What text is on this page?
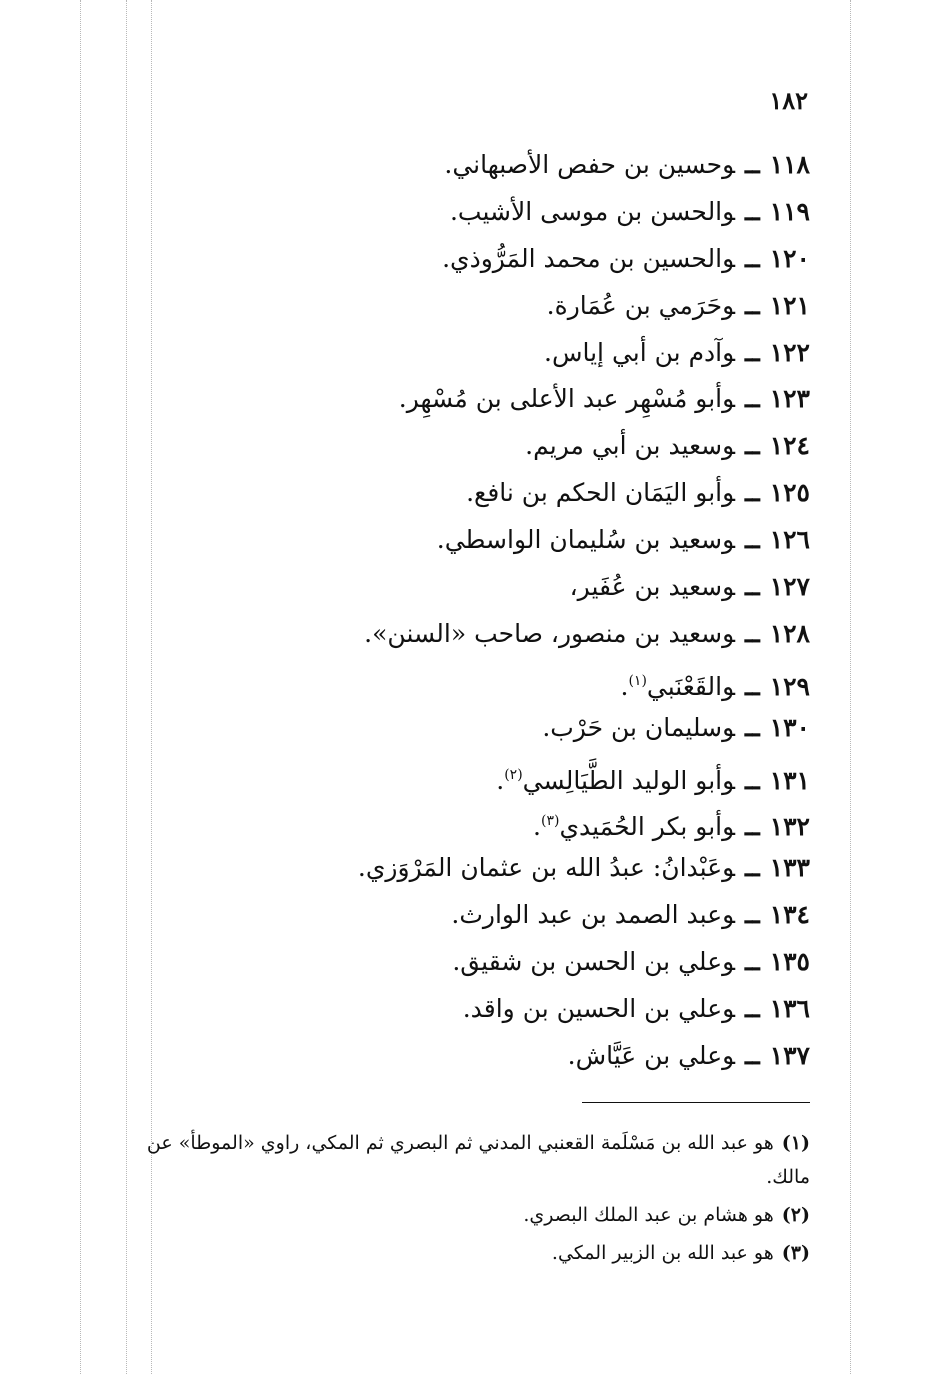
١٨٢
١١٨ــوحسين بن حفص الأصبهاني.
١١٩ــوالحسن بن موسى الأشيب.
١٢٠ــوالحسين بن محمد المَرُّوذي.
١٢١ــوحَرَمي بن عُمَارة.
١٢٢ــوآدم بن أبي إياس.
١٢٣ــوأبو مُسْهِر عبد الأعلى بن مُسْهِر.
١٢٤ــوسعيد بن أبي مريم.
١٢٥ــوأبو اليَمَان الحكم بن نافع.
١٢٦ــوسعيد بن سُليمان الواسطي.
١٢٧ــوسعيد بن عُفَير،
١٢٨ــوسعيد بن منصور، صاحب «السنن».
١٢٩ــوالقَعْنَبي$^{(١)}$.
١٣٠ــوسليمان بن حَرْب.
١٣١ــوأبو الوليد الطَّيَالِسي$^{(٢)}$.
١٣٢ــوأبو بكر الحُمَيدي$^{(٣)}$.
١٣٣ــوعَبْدانُ: عبدُ الله بن عثمان المَرْوَزي.
١٣٤ــوعبد الصمد بن عبد الوارث.
١٣٥ــوعلي بن الحسن بن شقيق.
١٣٦ــوعلي بن الحسين بن واقد.
١٣٧ــوعلي بن عَيَّاش.
(١)هو عبد الله بن مَسْلَمة القعنبي المدني ثم البصري ثم المكي، راوي «الموطأ» عن مالك.
(٢)هو هشام بن عبد الملك البصري.
(٣)هو عبد الله بن الزبير المكي.
